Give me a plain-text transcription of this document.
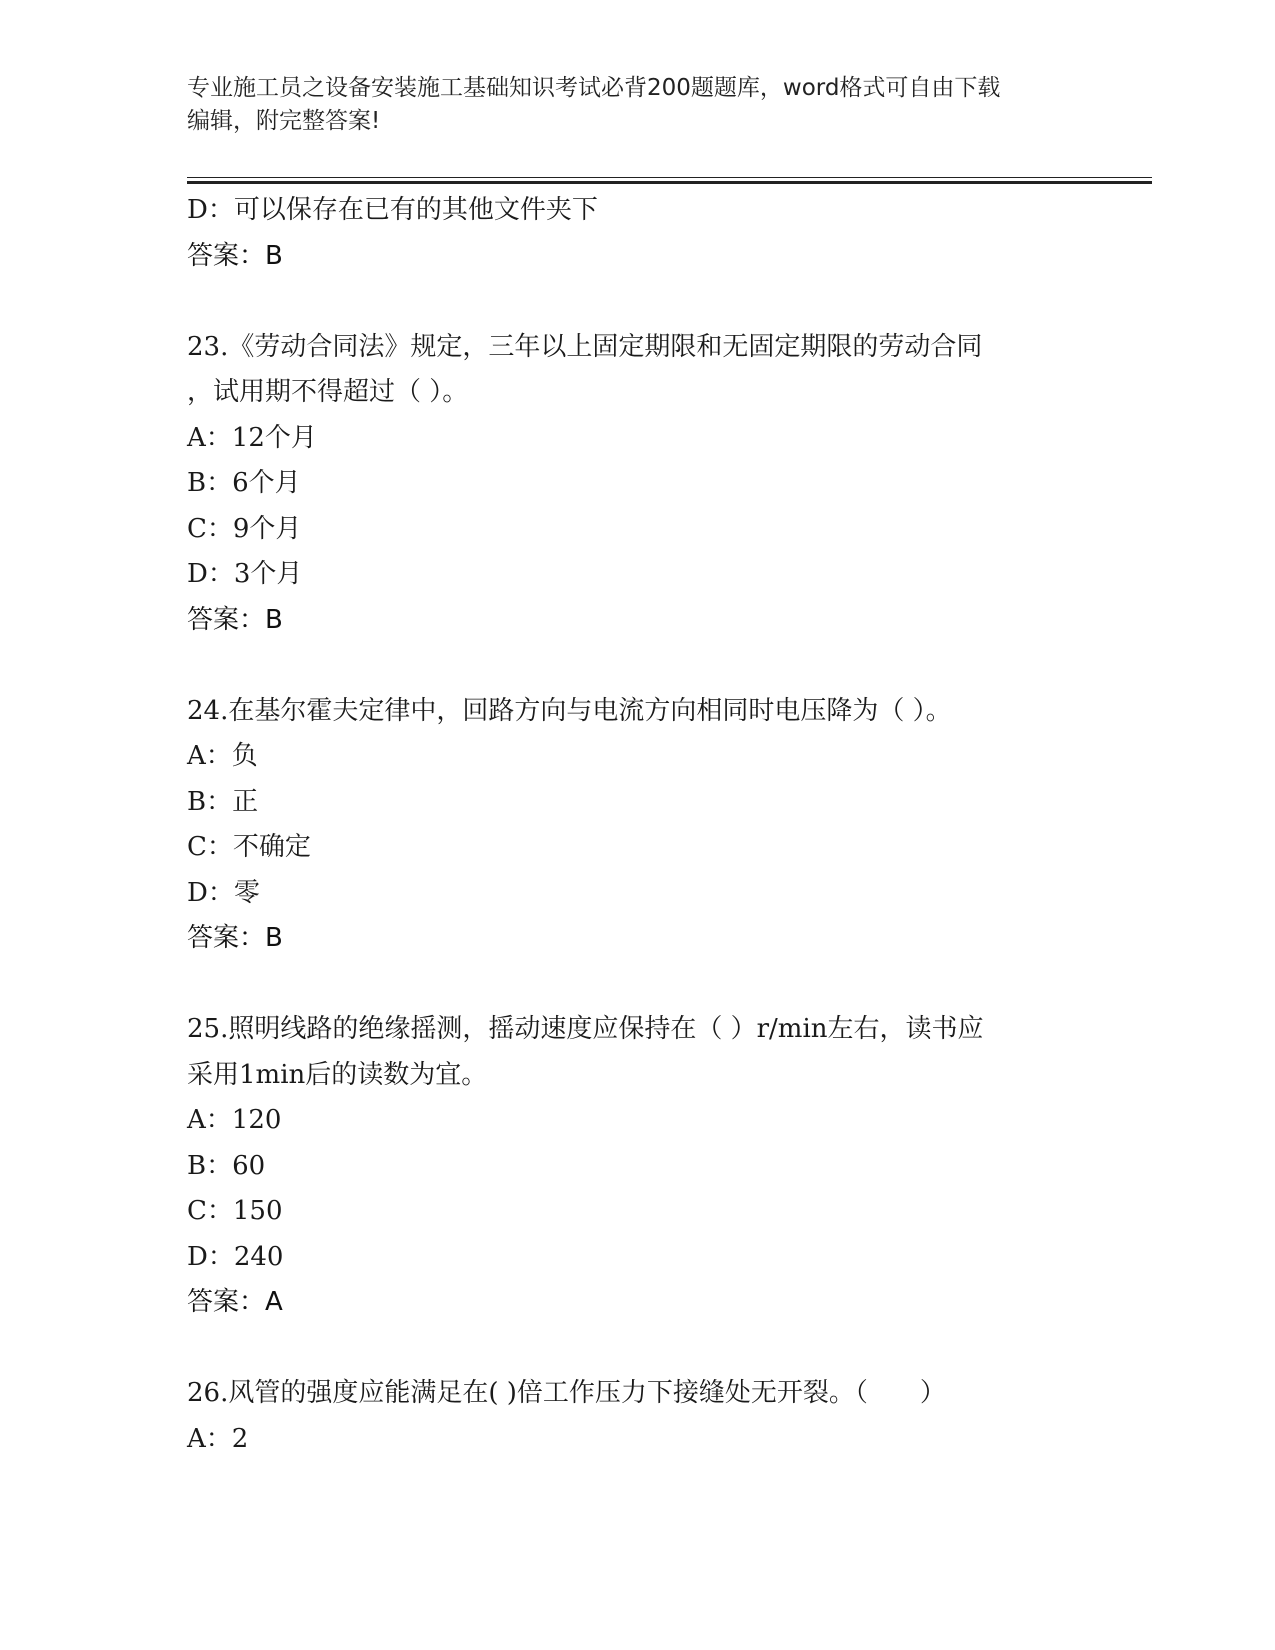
专业施工员之设备安装施工基础知识考试必背200题题库，word格式可自由下载
编辑，附完整答案!
D：可以保存在已有的其他文件夹下
答案：B
23.《劳动合同法》规定，三年以上固定期限和无固定期限的劳动合同
，试用期不得超过（ ）。
A：12个月
B：6个月
C：9个月
D：3个月
答案：B
24.在基尔霍夫定律中，回路方向与电流方向相同时电压降为（ ）。
A：负
B：正
C：不确定
D：零
答案：B
25.照明线路的绝缘摇测，摇动速度应保持在（ ）r/min左右，读书应
采用1min后的读数为宜。
A：120
B：60
C：150
D：240
答案：A
26.风管的强度应能满足在( )倍工作压力下接缝处无开裂。（　　）
A：2
